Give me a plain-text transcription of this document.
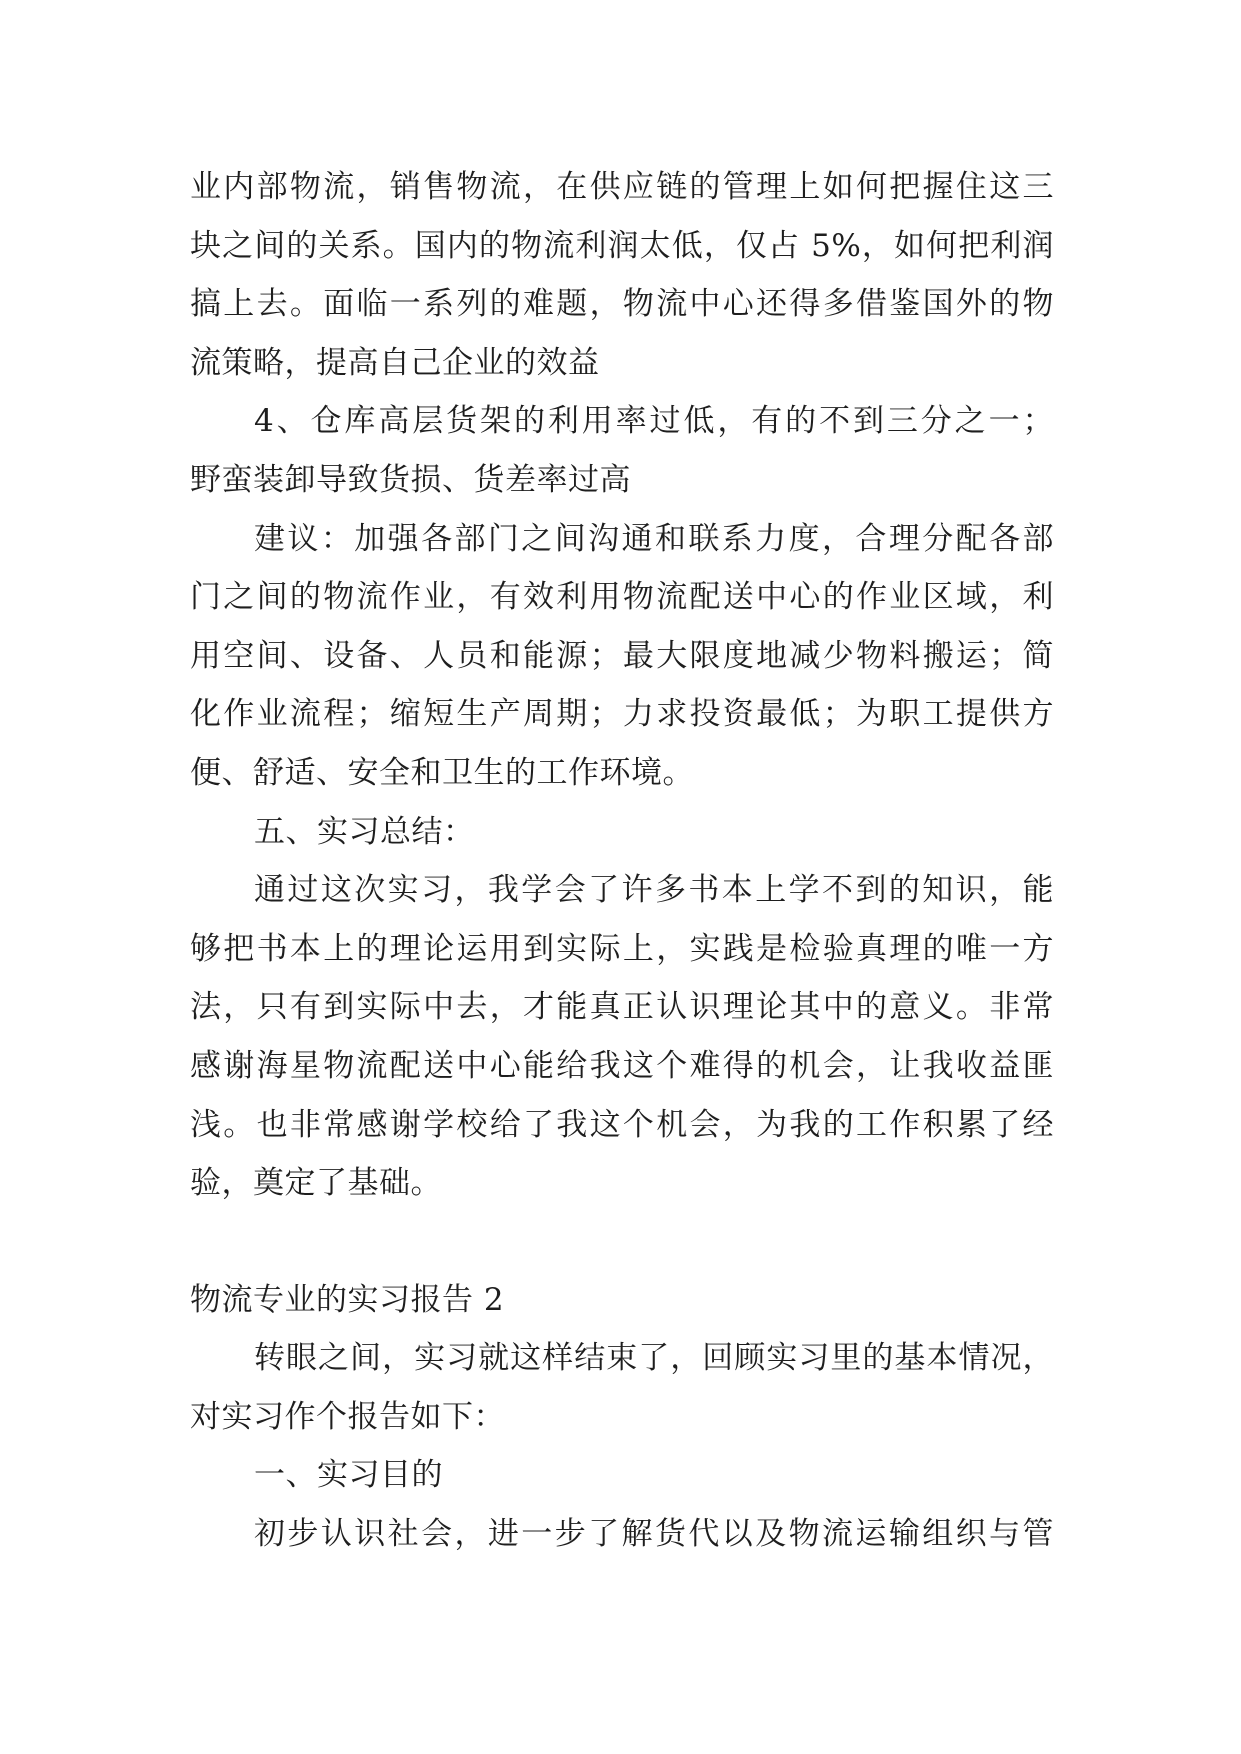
业内部物流，销售物流，在供应链的管理上如何把握住这三
块之间的关系。国内的物流利润太低，仅占 5%，如何把利润
搞上去。面临一系列的难题，物流中心还得多借鉴国外的物
流策略，提高自己企业的效益
4、仓库高层货架的利用率过低，有的不到三分之一；
野蛮装卸导致货损、货差率过高
建议：加强各部门之间沟通和联系力度，合理分配各部
门之间的物流作业，有效利用物流配送中心的作业区域，利
用空间、设备、人员和能源；最大限度地减少物料搬运；简
化作业流程；缩短生产周期；力求投资最低；为职工提供方
便、舒适、安全和卫生的工作环境。
五、实习总结：
通过这次实习，我学会了许多书本上学不到的知识，能
够把书本上的理论运用到实际上，实践是检验真理的唯一方
法，只有到实际中去，才能真正认识理论其中的意义。非常
感谢海星物流配送中心能给我这个难得的机会，让我收益匪
浅。也非常感谢学校给了我这个机会，为我的工作积累了经
验，奠定了基础。
物流专业的实习报告 2
转眼之间，实习就这样结束了，回顾实习里的基本情况，
对实习作个报告如下：
一、实习目的
初步认识社会，进一步了解货代以及物流运输组织与管
